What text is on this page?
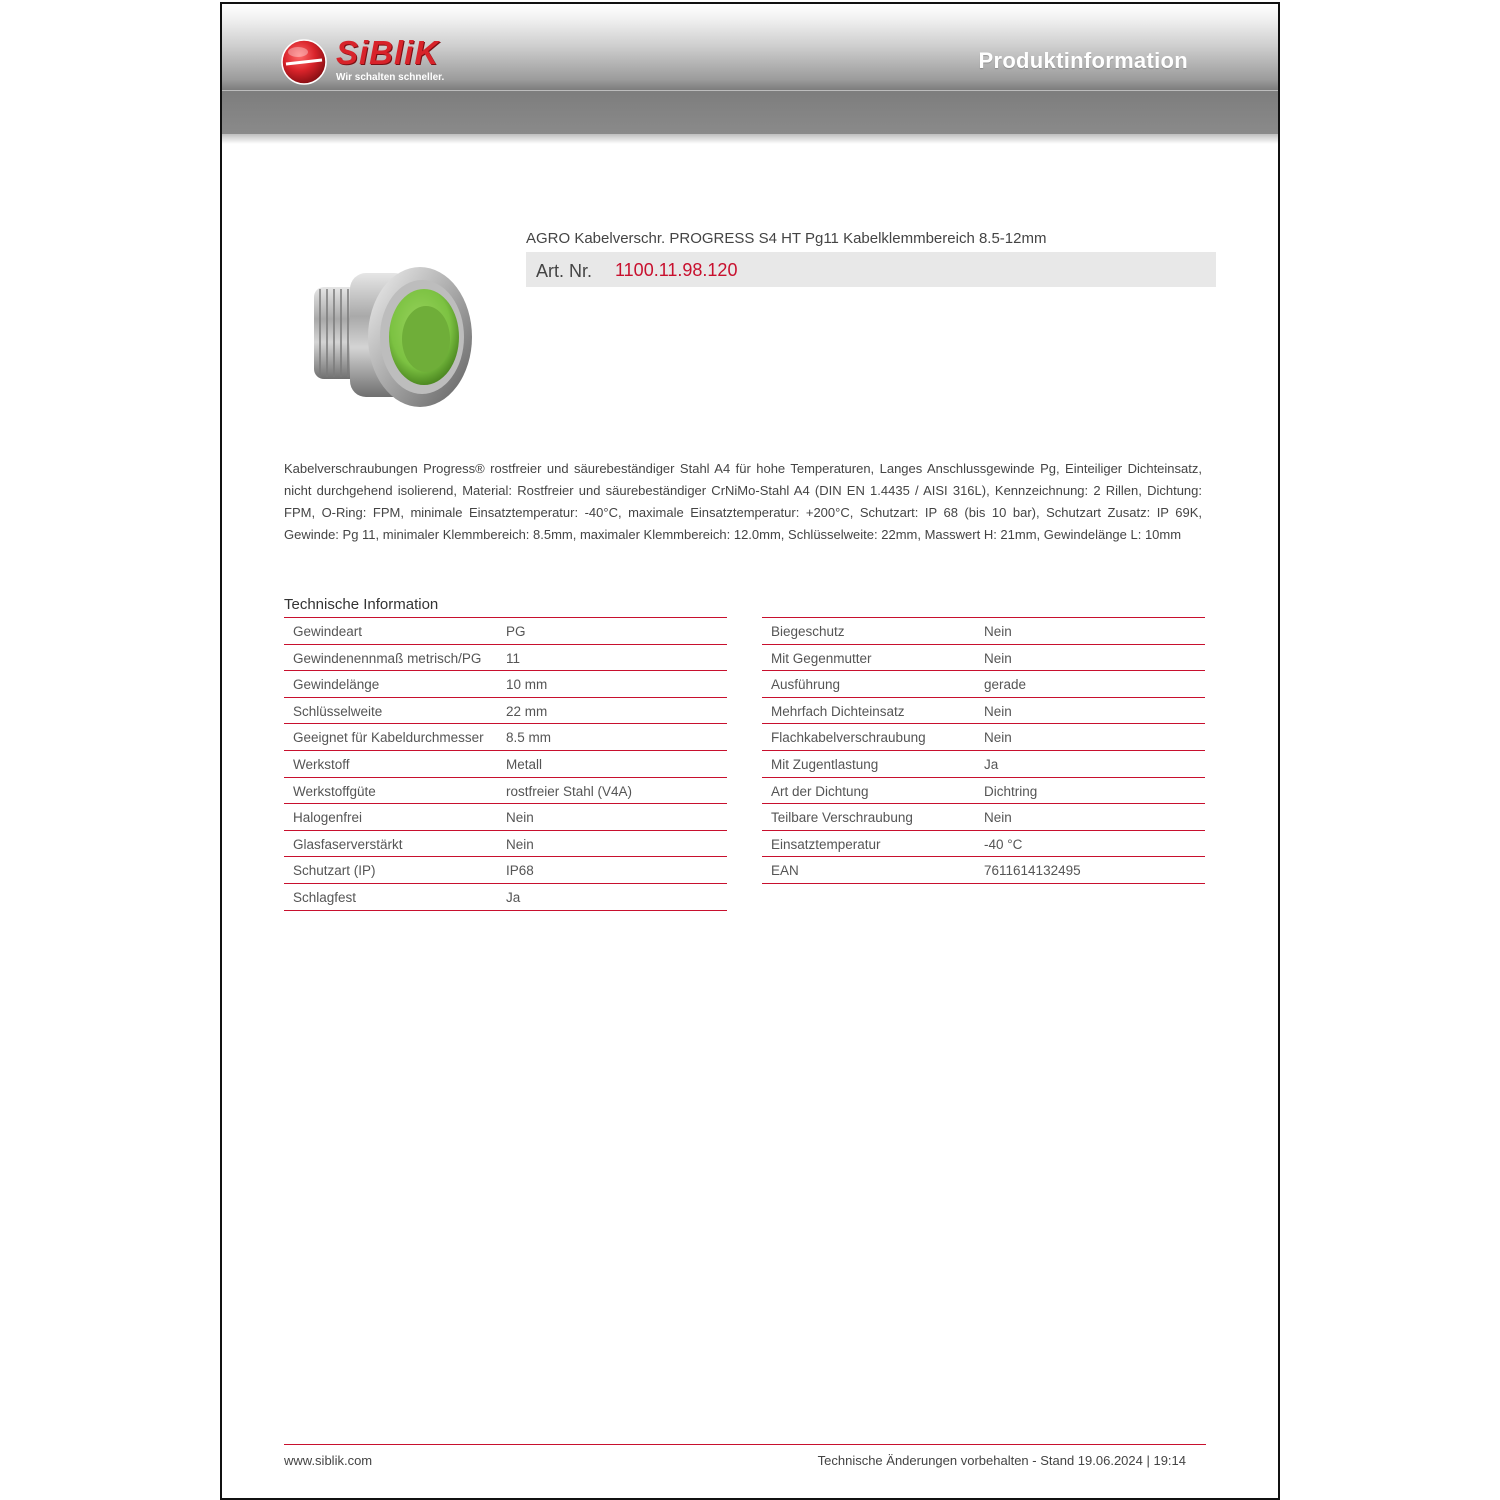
SiBliK
Wir schalten schneller.
Produktinformation
AGRO Kabelverschr. PROGRESS S4 HT Pg11 Kabelklemmbereich 8.5-12mm
Art. Nr. 1100.11.98.120
Kabelverschraubungen Progress® rostfreier und säurebeständiger Stahl A4 für hohe Temperaturen, Langes Anschlussgewinde Pg, Einteiliger Dichteinsatz, nicht durchgehend isolierend, Material: Rostfreier und säurebeständiger CrNiMo-Stahl A4 (DIN EN 1.4435 / AISI 316L), Kennzeichnung: 2 Rillen, Dichtung: FPM, O-Ring: FPM, minimale Einsatztemperatur: -40°C, maximale Einsatztemperatur: +200°C, Schutzart: IP 68 (bis 10 bar), Schutzart Zusatz: IP 69K, Gewinde: Pg 11, minimaler Klemmbereich: 8.5mm, maximaler Klemmbereich: 12.0mm, Schlüsselweite: 22mm, Masswert H: 21mm, Gewindelänge L: 10mm
Technische Information
Gewindeart	PG
Gewindenennmaß metrisch/PG 11
Gewindelänge	10 mm
Schlüsselweite	22 mm
Geeignet für Kabeldurchmesser 8.5 mm
Werkstoff	Metall
Werkstoffgüte	rostfreier Stahl (V4A)
Halogenfrei	Nein
Glasfaserverstärkt	Nein
Schutzart (IP)	IP68
Schlagfest	Ja
Biegeschutz	Nein
Mit Gegenmutter	Nein
Ausführung	gerade
Mehrfach Dichteinsatz	Nein
Flachkabelverschraubung	Nein
Mit Zugentlastung	Ja
Art der Dichtung	Dichtring
Teilbare Verschraubung	Nein
Einsatztemperatur	-40 °C
EAN	7611614132495
www.siblik.com	Technische Änderungen vorbehalten - Stand 19.06.2024 | 19:14
